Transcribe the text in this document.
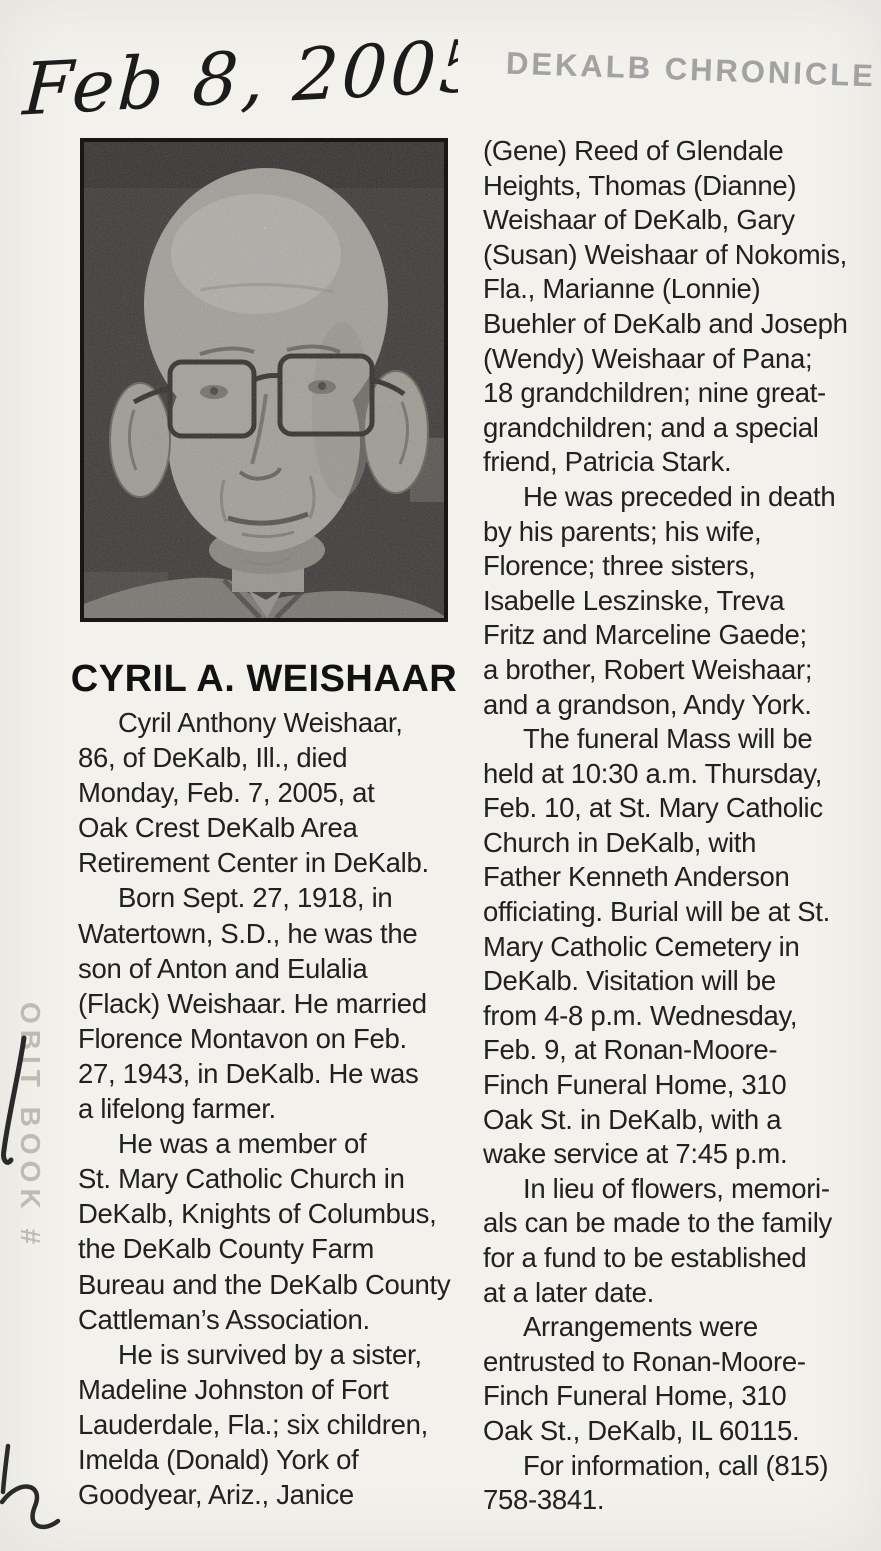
Feb 8, 2005 DEKALB CHRONICLE
OBIT BOOK #
CYRIL A. WEISHAAR
Cyril Anthony Weishaar,
86, of DeKalb, Ill., died
Monday, Feb. 7, 2005, at
Oak Crest DeKalb Area
Retirement Center in DeKalb.
Born Sept. 27, 1918, in
Watertown, S.D., he was the
son of Anton and Eulalia
(Flack) Weishaar. He married
Florence Montavon on Feb.
27, 1943, in DeKalb. He was
a lifelong farmer.
He was a member of
St. Mary Catholic Church in
DeKalb, Knights of Columbus,
the DeKalb County Farm
Bureau and the DeKalb County
Cattleman’s Association.
He is survived by a sister,
Madeline Johnston of Fort
Lauderdale, Fla.; six children,
Imelda (Donald) York of
Goodyear, Ariz., Janice
(Gene) Reed of Glendale
Heights, Thomas (Dianne)
Weishaar of DeKalb, Gary
(Susan) Weishaar of Nokomis,
Fla., Marianne (Lonnie)
Buehler of DeKalb and Joseph
(Wendy) Weishaar of Pana;
18 grandchildren; nine great-
grandchildren; and a special
friend, Patricia Stark.
He was preceded in death
by his parents; his wife,
Florence; three sisters,
Isabelle Leszinske, Treva
Fritz and Marceline Gaede;
a brother, Robert Weishaar;
and a grandson, Andy York.
The funeral Mass will be
held at 10:30 a.m. Thursday,
Feb. 10, at St. Mary Catholic
Church in DeKalb, with
Father Kenneth Anderson
officiating. Burial will be at St.
Mary Catholic Cemetery in
DeKalb. Visitation will be
from 4-8 p.m. Wednesday,
Feb. 9, at Ronan-Moore-
Finch Funeral Home, 310
Oak St. in DeKalb, with a
wake service at 7:45 p.m.
In lieu of flowers, memori-
als can be made to the family
for a fund to be established
at a later date.
Arrangements were
entrusted to Ronan-Moore-
Finch Funeral Home, 310
Oak St., DeKalb, IL 60115.
For information, call (815)
758-3841.
